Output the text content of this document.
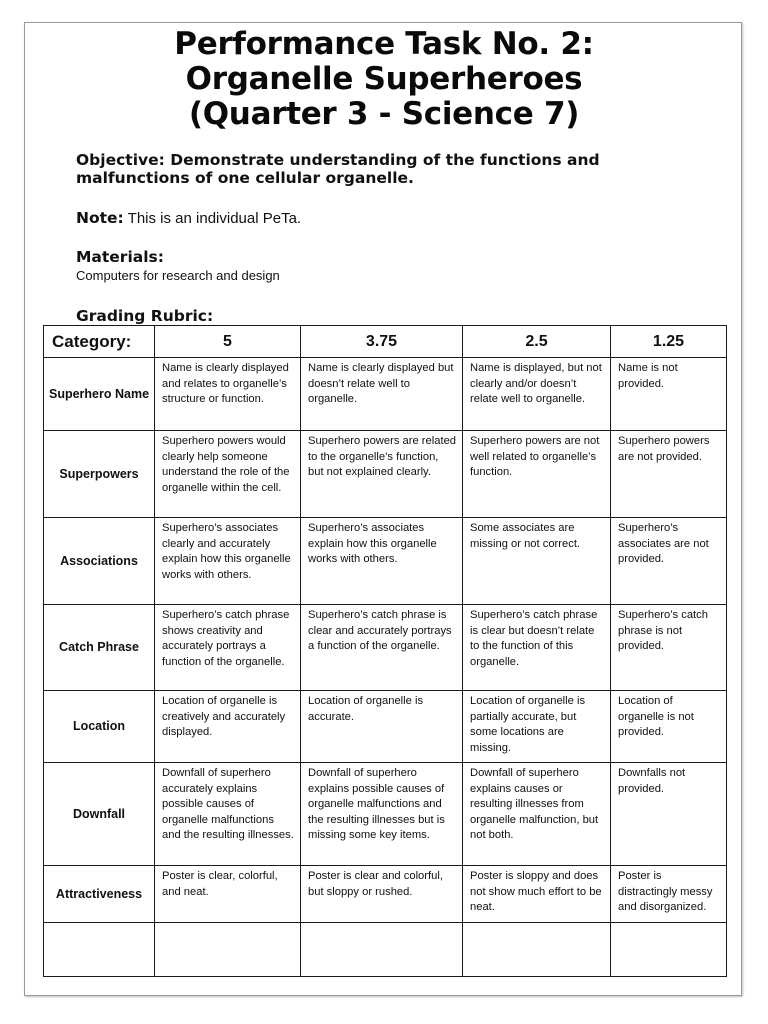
Performance Task No. 2:
Organelle Superheroes
(Quarter 3 - Science 7)
Objective: Demonstrate understanding of the functions and malfunctions of one cellular organelle.
Note: This is an individual PeTa.
Materials:
Computers for research and design
Grading Rubric:
Category:	5	3.75	2.5	1.25
Superhero Name	Name is clearly displayed and relates to organelle’s structure or function.	Name is clearly displayed but doesn’t relate well to organelle.	Name is displayed, but not clearly and/or doesn’t relate well to organelle.	Name is not provided.
Superpowers	Superhero powers would clearly help someone understand the role of the organelle within the cell.	Superhero powers are related to the organelle’s function, but not explained clearly.	Superhero powers are not well related to organelle’s function.	Superhero powers are not provided.
Associations	Superhero’s associates clearly and accurately explain how this organelle works with others.	Superhero’s associates explain how this organelle works with others.	Some associates are missing or not correct.	Superhero’s associates are not provided.
Catch Phrase	Superhero’s catch phrase shows creativity and accurately portrays a function of the organelle.	Superhero’s catch phrase is clear and accurately portrays a function of the organelle.	Superhero’s catch phrase is clear but doesn’t relate to the function of this organelle.	Superhero’s catch phrase is not provided.
Location	Location of organelle is creatively and accurately displayed.	Location of organelle is accurate.	Location of organelle is partially accurate, but some locations are missing.	Location of organelle is not provided.
Downfall	Downfall of superhero accurately explains possible causes of organelle malfunctions and the resulting illnesses.	Downfall of superhero explains possible causes of organelle malfunctions and the resulting illnesses but is missing some key items.	Downfall of superhero explains causes or resulting illnesses from organelle malfunction, but not both.	Downfalls not provided.
Attractiveness	Poster is clear, colorful, and neat.	Poster is clear and colorful, but sloppy or rushed.	Poster is sloppy and does not show much effort to be neat.	Poster is distractingly messy and disorganized.
